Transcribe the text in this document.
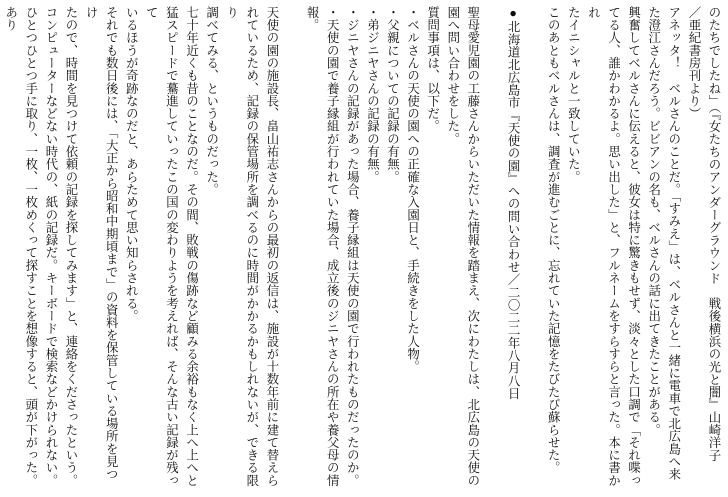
のたちでしたね」（『女たちのアンダーグラウンド　戦後横浜の光と闇』山崎洋子
／亜紀書房刊より）
アネッタ！　ベルさんのことだ。「すみえ」は、ベルさんと一緒に電車で北広島へ来
た澄江さんだろう。ビビアンの名も、ベルさんの話に出てきたことがある。
興奮してベルさんに伝えると、彼女は特に驚きもせず、淡々とした口調で「それ喋っ
てる人、誰かわかるよ。思い出した」と、フルネームをすらすらと言った。本に書かれ
たイニシャルと一致していた。
このあともベルさんは、調査が進むごとに、忘れていた記憶をたびたび蘇らせた。

●北海道北広島市『天使の園』への問い合わせ／二〇二二年八月八日

聖母愛児園の工藤さんからいただいた情報を踏まえ、次にわたしは、北広島の天使の
園へ問い合わせをした。
質問事項は、以下だ。
・ベルさんの天使の園への正確な入園日と、手続きをした人物。
・父親についての記録の有無。
・弟ジニヤさんの記録の有無。
・ジニヤさんの記録があった場合、養子縁組は天使の園で行われたものだったのか。
・天使の園で養子縁組が行われていた場合、成立後のジニヤさんの所在や養父母の情報。

天使の園の施設長、畠山祐志さんからの最初の返信は、施設が十数年前に建て替えら
れているため、記録の保管場所を調べるのに時間がかかるかもしれないが、できる限り
調べてみる、というものだった。
七十年近くも昔のことなのだ。その間、敗戦の傷跡など顧みる余裕もなく上へ上へと
猛スピードで驀進していったこの国の変わりようを考えれば、そんな古い記録が残って
いるほうが奇跡なのだと、あらためて思い知らされる。
それでも数日後には、「大正から昭和中期頃まで」の資料を保管している場所を見つけ
たので、時間を見つけて依頼の記録を探してみます」と、連絡をくださったという。
コンピューターなどない時代の、紙の記録だ。キーボードで検索などかけられない。
ひとつひとつ手に取り、一枚、一枚めくって探すことを想像すると、頭が下がった。あり
